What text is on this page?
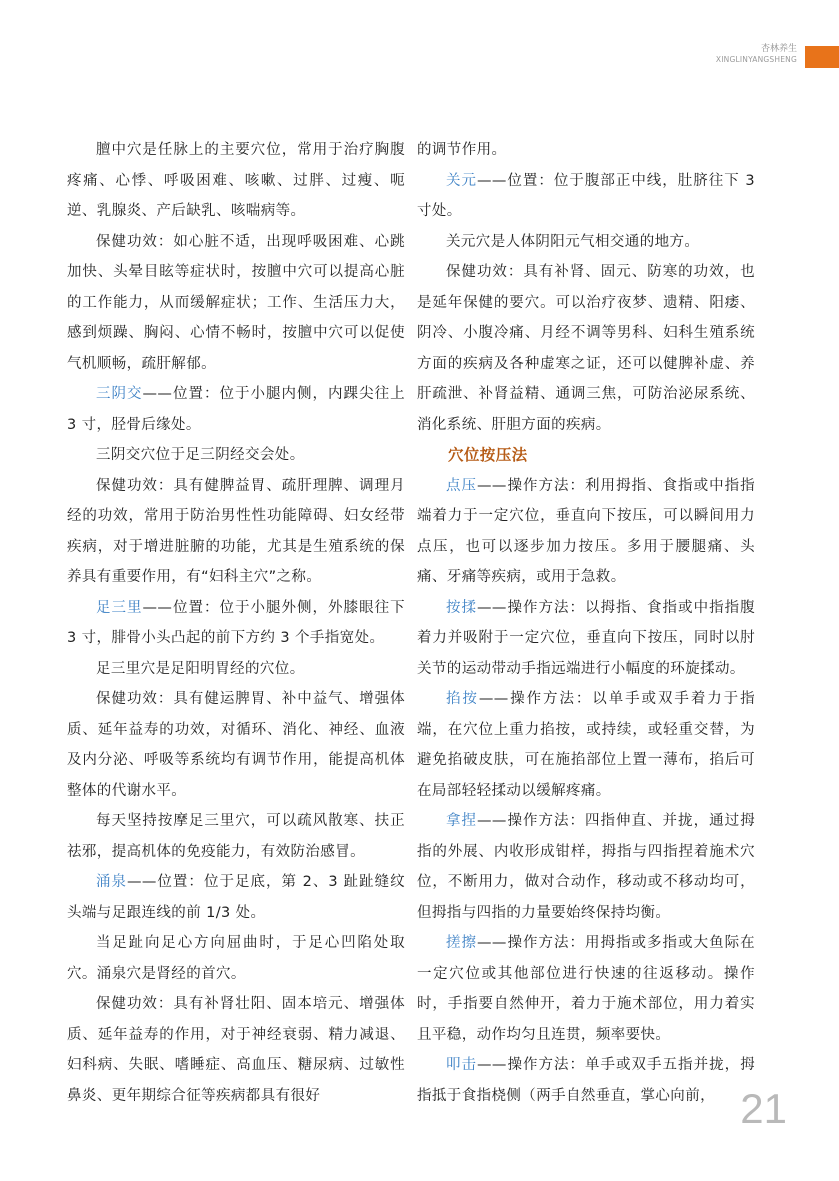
杏林养生
XINGLINYANGSHENG

膻中穴是任脉上的主要穴位，常用于治疗胸腹疼痛、心悸、呼吸困难、咳嗽、过胖、过瘦、呃逆、乳腺炎、产后缺乳、咳喘病等。

保健功效：如心脏不适，出现呼吸困难、心跳加快、头晕目眩等症状时，按膻中穴可以提高心脏的工作能力，从而缓解症状；工作、生活压力大，感到烦躁、胸闷、心情不畅时，按膻中穴可以促使气机顺畅，疏肝解郁。

三阴交——位置：位于小腿内侧，内踝尖往上 3 寸，胫骨后缘处。

三阴交穴位于足三阴经交会处。

保健功效：具有健脾益胃、疏肝理脾、调理月经的功效，常用于防治男性性功能障碍、妇女经带疾病，对于增进脏腑的功能，尤其是生殖系统的保养具有重要作用，有“妇科主穴”之称。

足三里——位置：位于小腿外侧，外膝眼往下 3 寸，腓骨小头凸起的前下方约 3 个手指宽处。

足三里穴是足阳明胃经的穴位。

保健功效：具有健运脾胃、补中益气、增强体质、延年益寿的功效，对循环、消化、神经、血液及内分泌、呼吸等系统均有调节作用，能提高机体整体的代谢水平。

每天坚持按摩足三里穴，可以疏风散寒、扶正祛邪，提高机体的免疫能力，有效防治感冒。

涌泉——位置：位于足底，第 2、3 趾趾缝纹头端与足跟连线的前 1/3 处。

当足趾向足心方向屈曲时，于足心凹陷处取穴。涌泉穴是肾经的首穴。

保健功效：具有补肾壮阳、固本培元、增强体质、延年益寿的作用，对于神经衰弱、精力减退、妇科病、失眠、嗜睡症、高血压、糖尿病、过敏性鼻炎、更年期综合征等疾病都具有很好

的调节作用。

关元——位置：位于腹部正中线，肚脐往下 3 寸处。

关元穴是人体阴阳元气相交通的地方。

保健功效：具有补肾、固元、防寒的功效，也是延年保健的要穴。可以治疗夜梦、遗精、阳痿、阴冷、小腹冷痛、月经不调等男科、妇科生殖系统方面的疾病及各种虚寒之证，还可以健脾补虚、养肝疏泄、补肾益精、通调三焦，可防治泌尿系统、消化系统、肝胆方面的疾病。

穴位按压法

点压——操作方法：利用拇指、食指或中指指端着力于一定穴位，垂直向下按压，可以瞬间用力点压，也可以逐步加力按压。多用于腰腿痛、头痛、牙痛等疾病，或用于急救。

按揉——操作方法：以拇指、食指或中指指腹着力并吸附于一定穴位，垂直向下按压，同时以肘关节的运动带动手指远端进行小幅度的环旋揉动。

掐按——操作方法：以单手或双手着力于指端，在穴位上重力掐按，或持续，或轻重交替，为避免掐破皮肤，可在施掐部位上置一薄布，掐后可在局部轻轻揉动以缓解疼痛。

拿捏——操作方法：四指伸直、并拢，通过拇指的外展、内收形成钳样，拇指与四指捏着施术穴位，不断用力，做对合动作，移动或不移动均可，但拇指与四指的力量要始终保持均衡。

搓擦——操作方法：用拇指或多指或大鱼际在一定穴位或其他部位进行快速的往返移动。操作时，手指要自然伸开，着力于施术部位，用力着实且平稳，动作均匀且连贯，频率要快。

叩击——操作方法：单手或双手五指并拢，拇指抵于食指桡侧（两手自然垂直，掌心向前， 21
